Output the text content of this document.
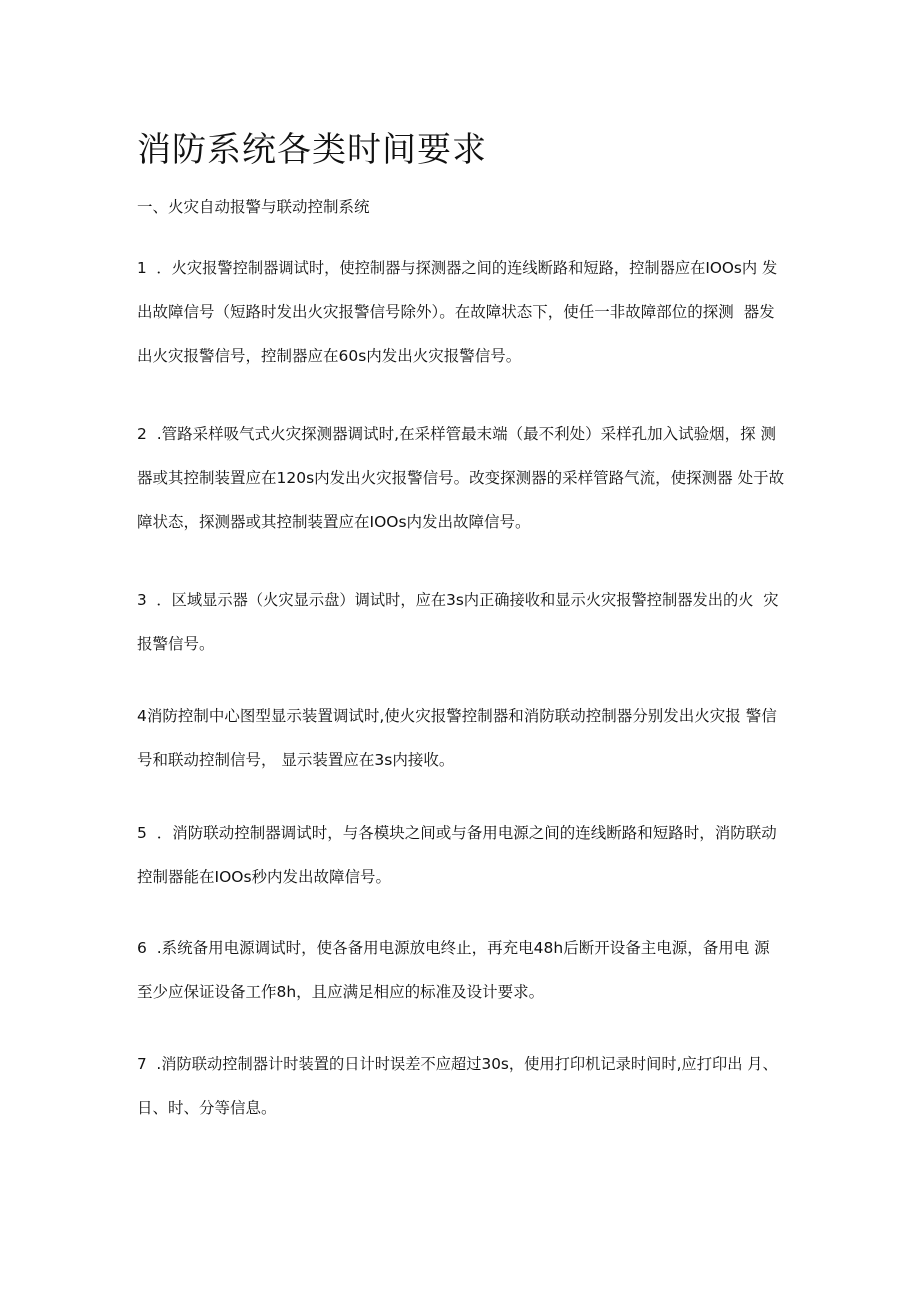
消防系统各类时间要求
一、火灾自动报警与联动控制系统

1  ．火灾报警控制器调试时，使控制器与探测器之间的连线断路和短路，控制器应在IOOs内 发
出故障信号（短路时发出火灾报警信号除外）。在故障状态下，使任一非故障部位的探测  器发
出火灾报警信号，控制器应在60s内发出火灾报警信号。

2  .管路采样吸气式火灾探测器调试时,在采样管最末端（最不利处）采样孔加入试验烟，探 测
器或其控制装置应在120s内发出火灾报警信号。改变探测器的采样管路气流，使探测器 处于故
障状态，探测器或其控制装置应在IOOs内发出故障信号。

3  ．区域显示器（火灾显示盘）调试时，应在3s内正确接收和显示火灾报警控制器发出的火  灾
报警信号。

4消防控制中心图型显示装置调试时,使火灾报警控制器和消防联动控制器分别发出火灾报 警信
号和联动控制信号， 显示装置应在3s内接收。

5  ．消防联动控制器调试时，与各模块之间或与备用电源之间的连线断路和短路时，消防联动
控制器能在IOOs秒内发出故障信号。

6  .系统备用电源调试时，使各备用电源放电终止，再充电48h后断开设备主电源，备用电 源
至少应保证设备工作8h，且应满足相应的标准及设计要求。

7  .消防联动控制器计时装置的日计时误差不应超过30s，使用打印机记录时间时,应打印出 月、
日、时、分等信息。
